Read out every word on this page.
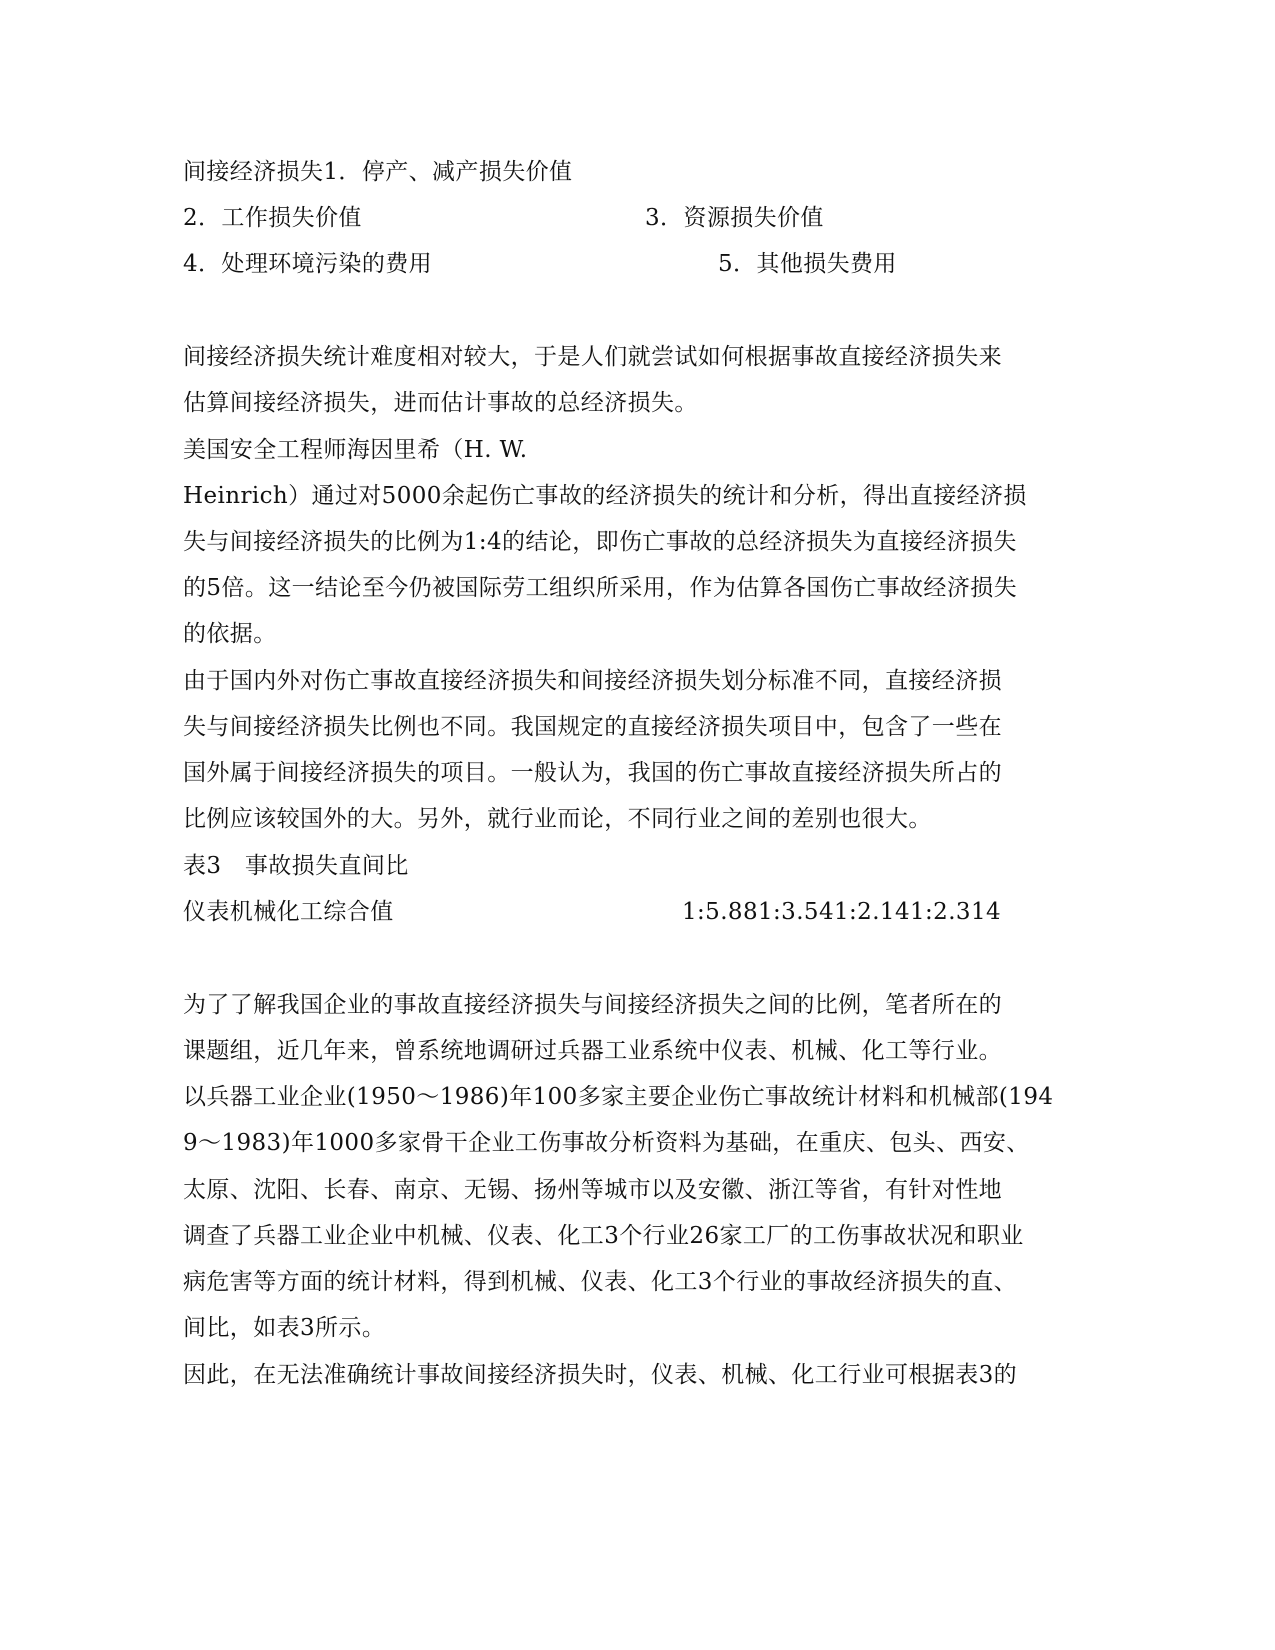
间接经济损失1．停产、减产损失价值
2．工作损失价值	3．资源损失价值
4．处理环境污染的费用	5．其他损失费用
间接经济损失统计难度相对较大，于是人们就尝试如何根据事故直接经济损失来
估算间接经济损失，进而估计事故的总经济损失。
美国安全工程师海因里希（H. W.
Heinrich）通过对5000余起伤亡事故的经济损失的统计和分析，得出直接经济损
失与间接经济损失的比例为1:4的结论，即伤亡事故的总经济损失为直接经济损失
的5倍。这一结论至今仍被国际劳工组织所采用，作为估算各国伤亡事故经济损失
的依据。
由于国内外对伤亡事故直接经济损失和间接经济损失划分标准不同，直接经济损
失与间接经济损失比例也不同。我国规定的直接经济损失项目中，包含了一些在
国外属于间接经济损失的项目。一般认为，我国的伤亡事故直接经济损失所占的
比例应该较国外的大。另外，就行业而论，不同行业之间的差别也很大。
表3　事故损失直间比
仪表机械化工综合值	1:5.881:3.541:2.141:2.314
为了了解我国企业的事故直接经济损失与间接经济损失之间的比例，笔者所在的
课题组，近几年来，曾系统地调研过兵器工业系统中仪表、机械、化工等行业。
以兵器工业企业(1950～1986)年100多家主要企业伤亡事故统计材料和机械部(194
9～1983)年1000多家骨干企业工伤事故分析资料为基础，在重庆、包头、西安、
太原、沈阳、长春、南京、无锡、扬州等城市以及安徽、浙江等省，有针对性地
调查了兵器工业企业中机械、仪表、化工3个行业26家工厂的工伤事故状况和职业
病危害等方面的统计材料，得到机械、仪表、化工3个行业的事故经济损失的直、
间比，如表3所示。
因此，在无法准确统计事故间接经济损失时，仪表、机械、化工行业可根据表3的
